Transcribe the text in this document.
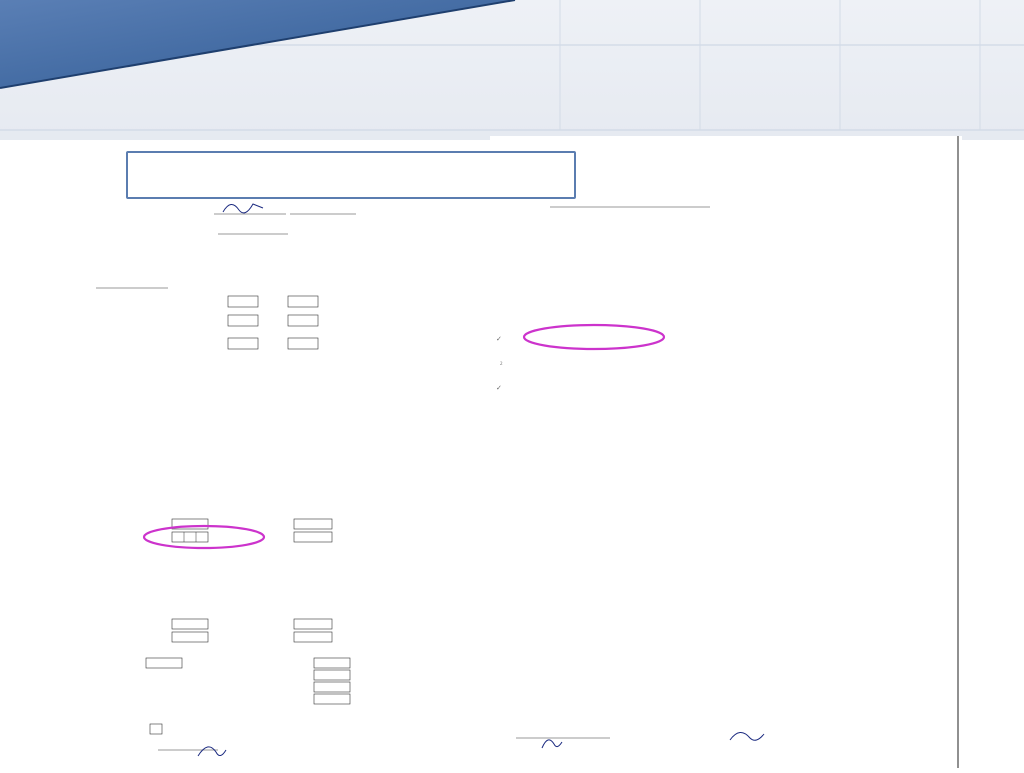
✓
2
✓
